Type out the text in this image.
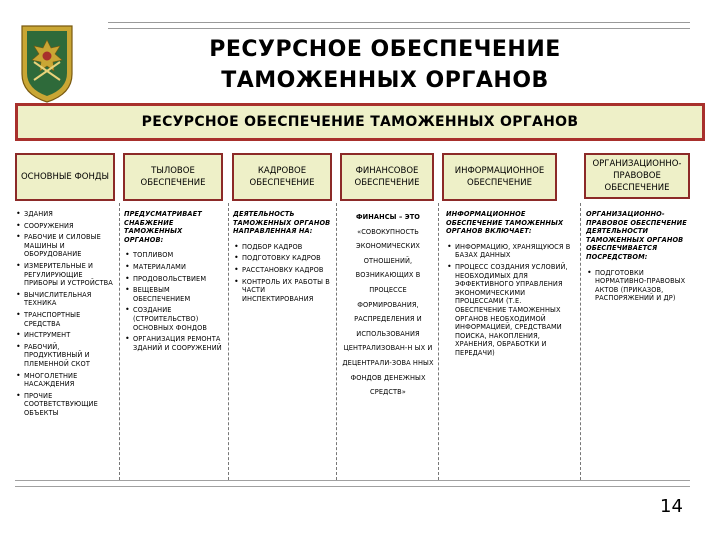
РЕСУРСНОЕ ОБЕСПЕЧЕНИЕ
ТАМОЖЕННЫХ ОРГАНОВ
РЕСУРСНОЕ ОБЕСПЕЧЕНИЕ ТАМОЖЕННЫХ ОРГАНОВ
ОСНОВНЫЕ ФОНДЫ
ТЫЛОВОЕ ОБЕСПЕЧЕНИЕ
КАДРОВОЕ ОБЕСПЕЧЕНИЕ
ФИНАНСОВОЕ ОБЕСПЕЧЕНИЕ
ИНФОРМАЦИОННОЕ ОБЕСПЕЧЕНИЕ
ОРГАНИЗАЦИОННО-ПРАВОВОЕ ОБЕСПЕЧЕНИЕ
• ЗДАНИЯ
• СООРУЖЕНИЯ
• РАБОЧИЕ И СИЛОВЫЕ МАШИНЫ И ОБОРУДОВАНИЕ
• ИЗМЕРИТЕЛЬНЫЕ И РЕГУЛИРУЮЩИЕ ПРИБОРЫ И УСТРОЙСТВА
• ВЫЧИСЛИТЕЛЬНАЯ ТЕХНИКА
• ТРАНСПОРТНЫЕ СРЕДСТВА
• ИНСТРУМЕНТ
• РАБОЧИЙ, ПРОДУКТИВНЫЙ И ПЛЕМЕННОЙ СКОТ
• МНОГОЛЕТНИЕ НАСАЖДЕНИЯ
• ПРОЧИЕ СООТВЕТСТВУЮЩИЕ ОБЪЕКТЫ
ПРЕДУСМАТРИВАЕТ СНАБЖЕНИЕ ТАМОЖЕННЫХ ОРГАНОВ:
• ТОПЛИВОМ
• МАТЕРИАЛАМИ
• ПРОДОВОЛЬСТВИЕМ
• ВЕЩЕВЫМ ОБЕСПЕЧЕНИЕМ
• СОЗДАНИЕ (СТРОИТЕЛЬСТВО) ОСНОВНЫХ ФОНДОВ
• ОРГАНИЗАЦИЯ РЕМОНТА ЗДАНИЙ И СООРУЖЕНИЙ
ДЕЯТЕЛЬНОСТЬ ТАМОЖЕННЫХ ОРГАНОВ НАПРАВЛЕННАЯ НА:
• ПОДБОР КАДРОВ
• ПОДГОТОВКУ КАДРОВ
• РАССТАНОВКУ КАДРОВ
• КОНТРОЛЬ ИХ РАБОТЫ В ЧАСТИ ИНСПЕКТИРОВАНИЯ
ФИНАНСЫ – ЭТО
«СОВОКУПНОСТЬ ЭКОНОМИЧЕСКИХ ОТНОШЕНИЙ, ВОЗНИКАЮЩИХ В ПРОЦЕССЕ ФОРМИРОВАНИЯ, РАСПРЕДЕЛЕНИЯ И ИСПОЛЬЗОВАНИЯ ЦЕНТРАЛИЗОВАН-Н ЫХ И ДЕЦЕНТРАЛИ-ЗОВА ННЫХ ФОНДОВ ДЕНЕЖНЫХ СРЕДСТВ»
ИНФОРМАЦИОННОЕ ОБЕСПЕЧЕНИЕ ТАМОЖЕННЫХ ОРГАНОВ ВКЛЮЧАЕТ:
• ИНФОРМАЦИЮ, ХРАНЯЩУЮСЯ В БАЗАХ ДАННЫХ
• ПРОЦЕСС СОЗДАНИЯ УСЛОВИЙ, НЕОБХОДИМЫХ ДЛЯ ЭФФЕКТИВНОГО УПРАВЛЕНИЯ ЭКОНОМИЧЕСКИМИ ПРОЦЕССАМИ (Т.Е. ОБЕСПЕЧЕНИЕ ТАМОЖЕННЫХ ОРГАНОВ НЕОБХОДИМОЙ ИНФОРМАЦИЕЙ, СРЕДСТВАМИ ПОИСКА, НАКОПЛЕНИЯ, ХРАНЕНИЯ, ОБРАБОТКИ И ПЕРЕДАЧИ)
ОРГАНИЗАЦИОННО-ПРАВОВОЕ ОБЕСПЕЧЕНИЕ ДЕЯТЕЛЬНОСТИ ТАМОЖЕННЫХ ОРГАНОВ ОБЕСПЕЧИВАЕТСЯ ПОСРЕДСТВОМ:
• ПОДГОТОВКИ НОРМАТИВНО-ПРАВОВЫХ АКТОВ (ПРИКАЗОВ, РАСПОРЯЖЕНИЙ И ДР)
14
